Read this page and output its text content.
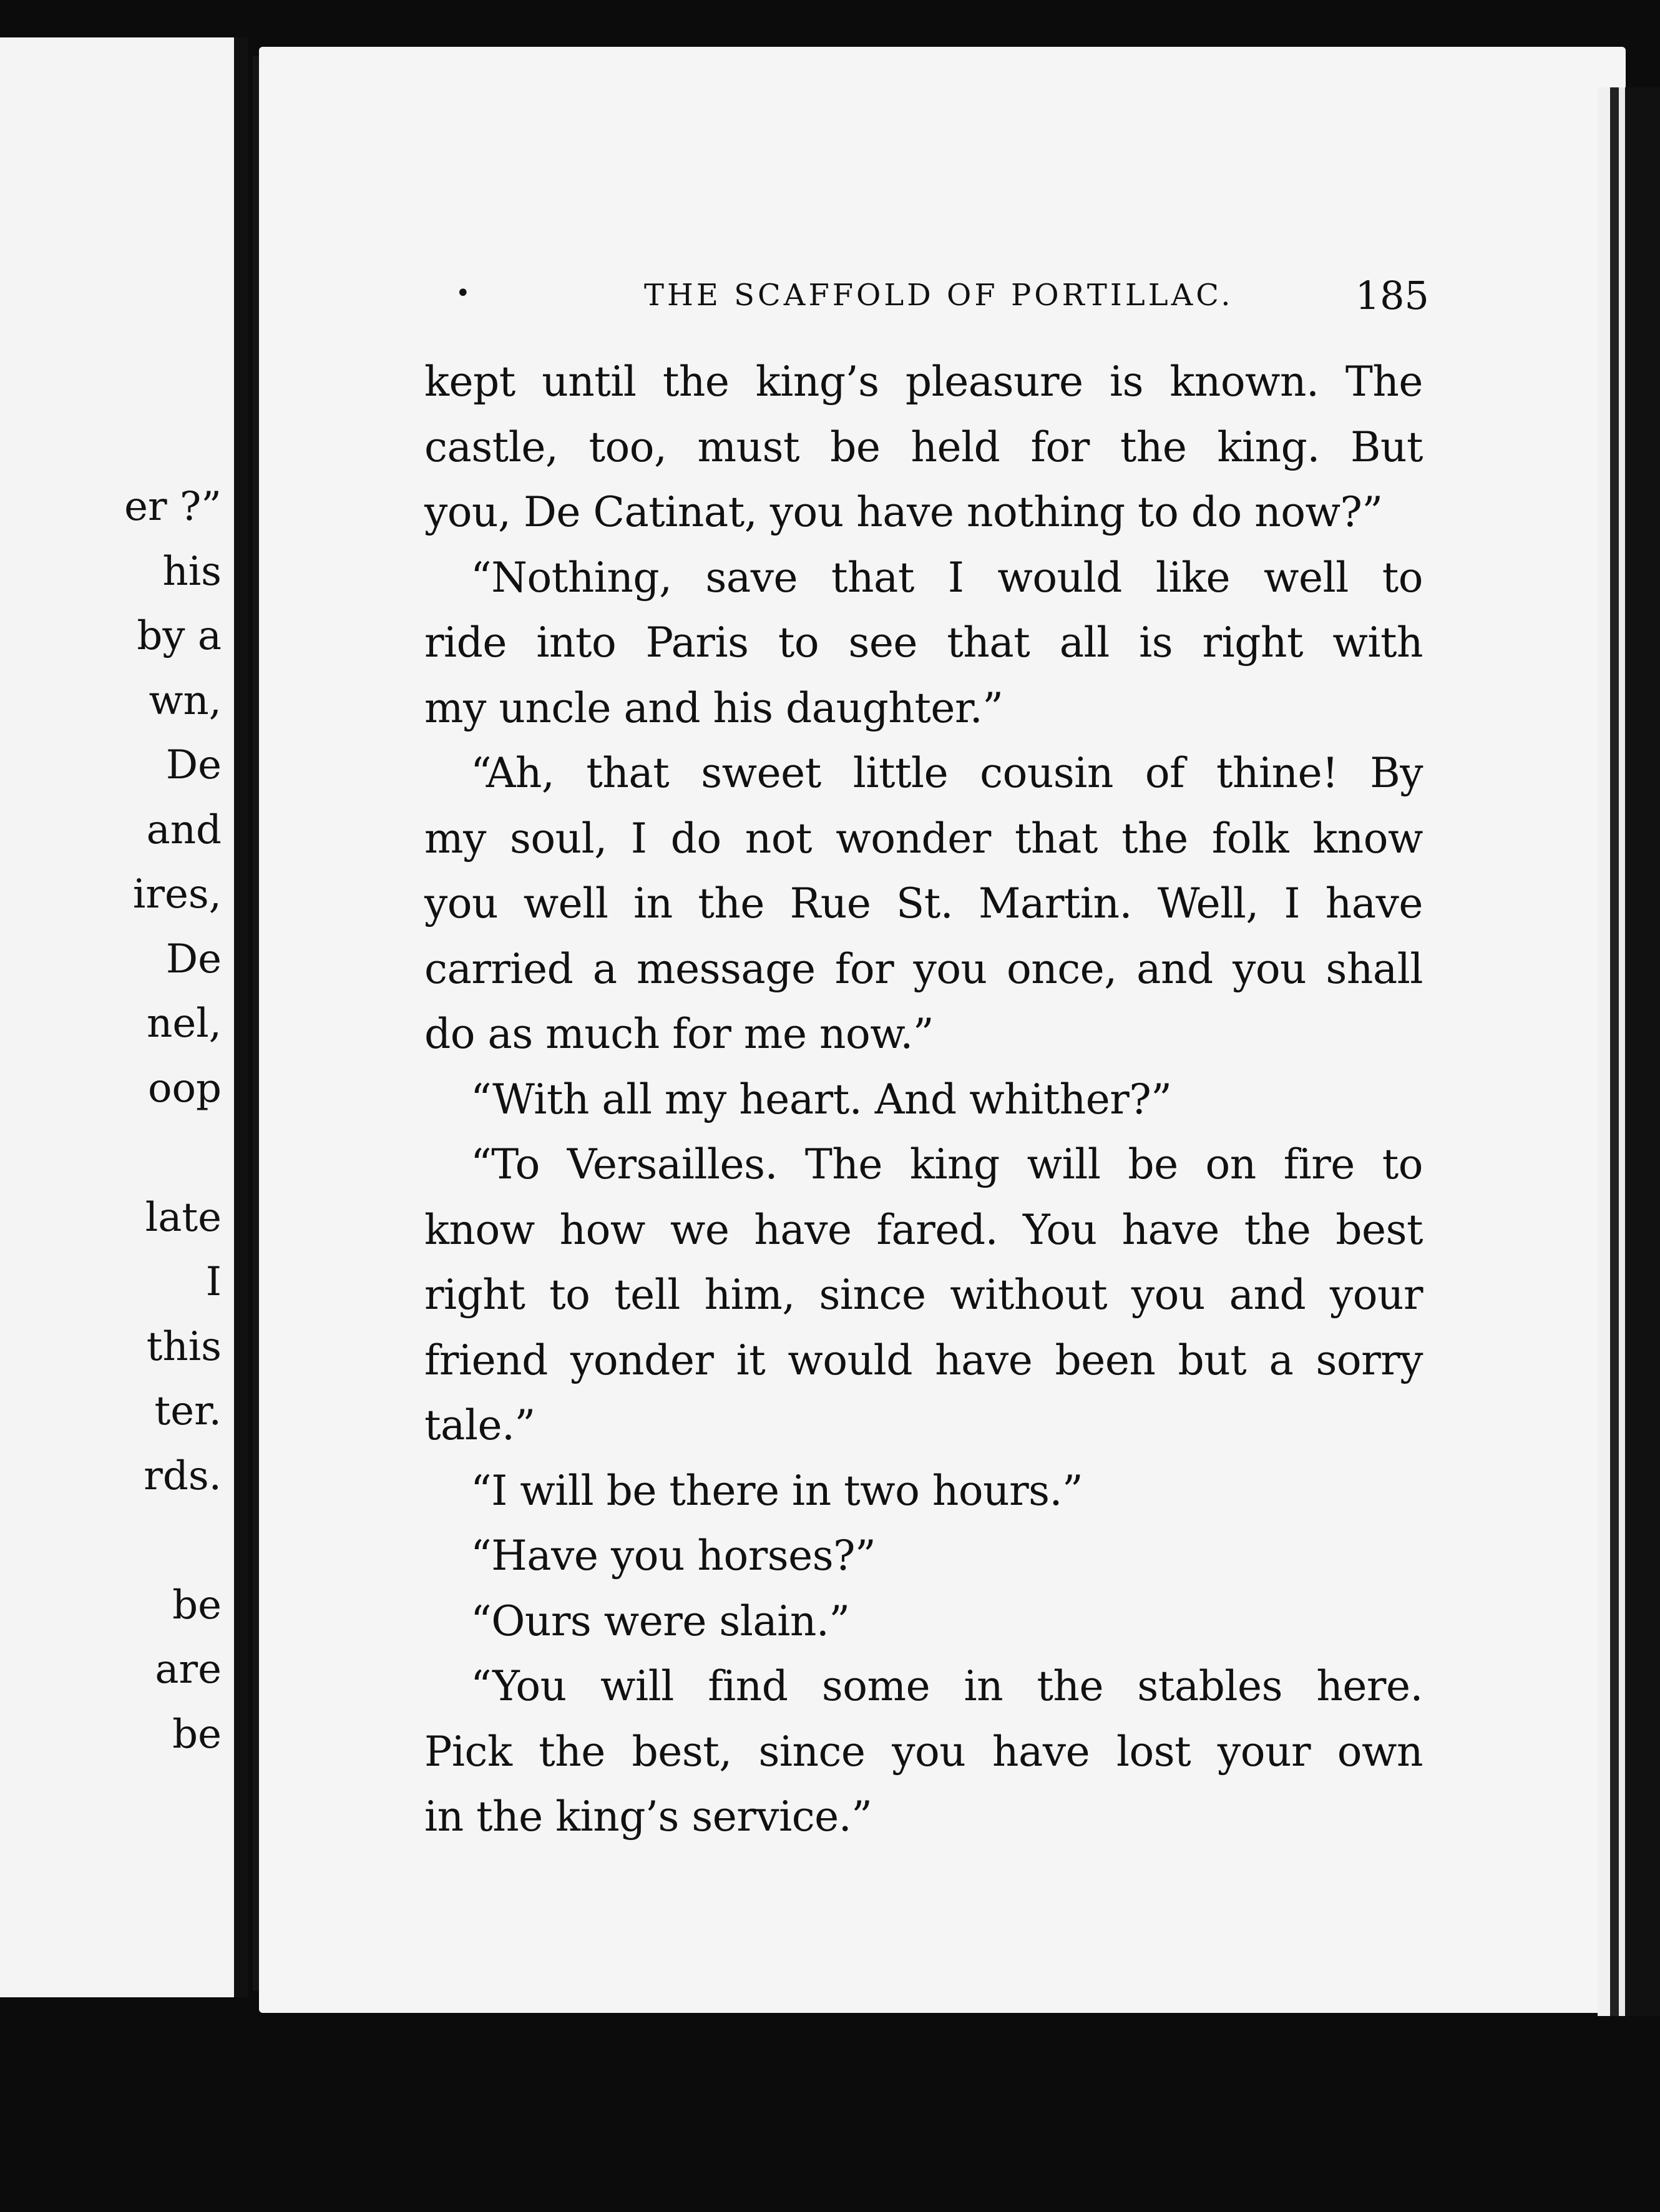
er ?”
his
by a
wn,
De
and
ires,
De
nel,
oop
late
I
this
ter.
rds.
be
are
be
•	THE SCAFFOLD OF PORTILLAC.	185
kept until the king’s pleasure is known. The
castle, too, must be held for the king. But
you, De Catinat, you have nothing to do now?”
“Nothing, save that I would like well to
ride into Paris to see that all is right with
my uncle and his daughter.”
“Ah, that sweet little cousin of thine! By
my soul, I do not wonder that the folk know
you well in the Rue St. Martin. Well, I have
carried a message for you once, and you shall
do as much for me now.”
“With all my heart. And whither?”
“To Versailles. The king will be on fire to
know how we have fared. You have the best
right to tell him, since without you and your
friend yonder it would have been but a sorry
tale.”
“I will be there in two hours.”
“Have you horses?”
“Ours were slain.”
“You will find some in the stables here.
Pick the best, since you have lost your own
in the king’s service.”
